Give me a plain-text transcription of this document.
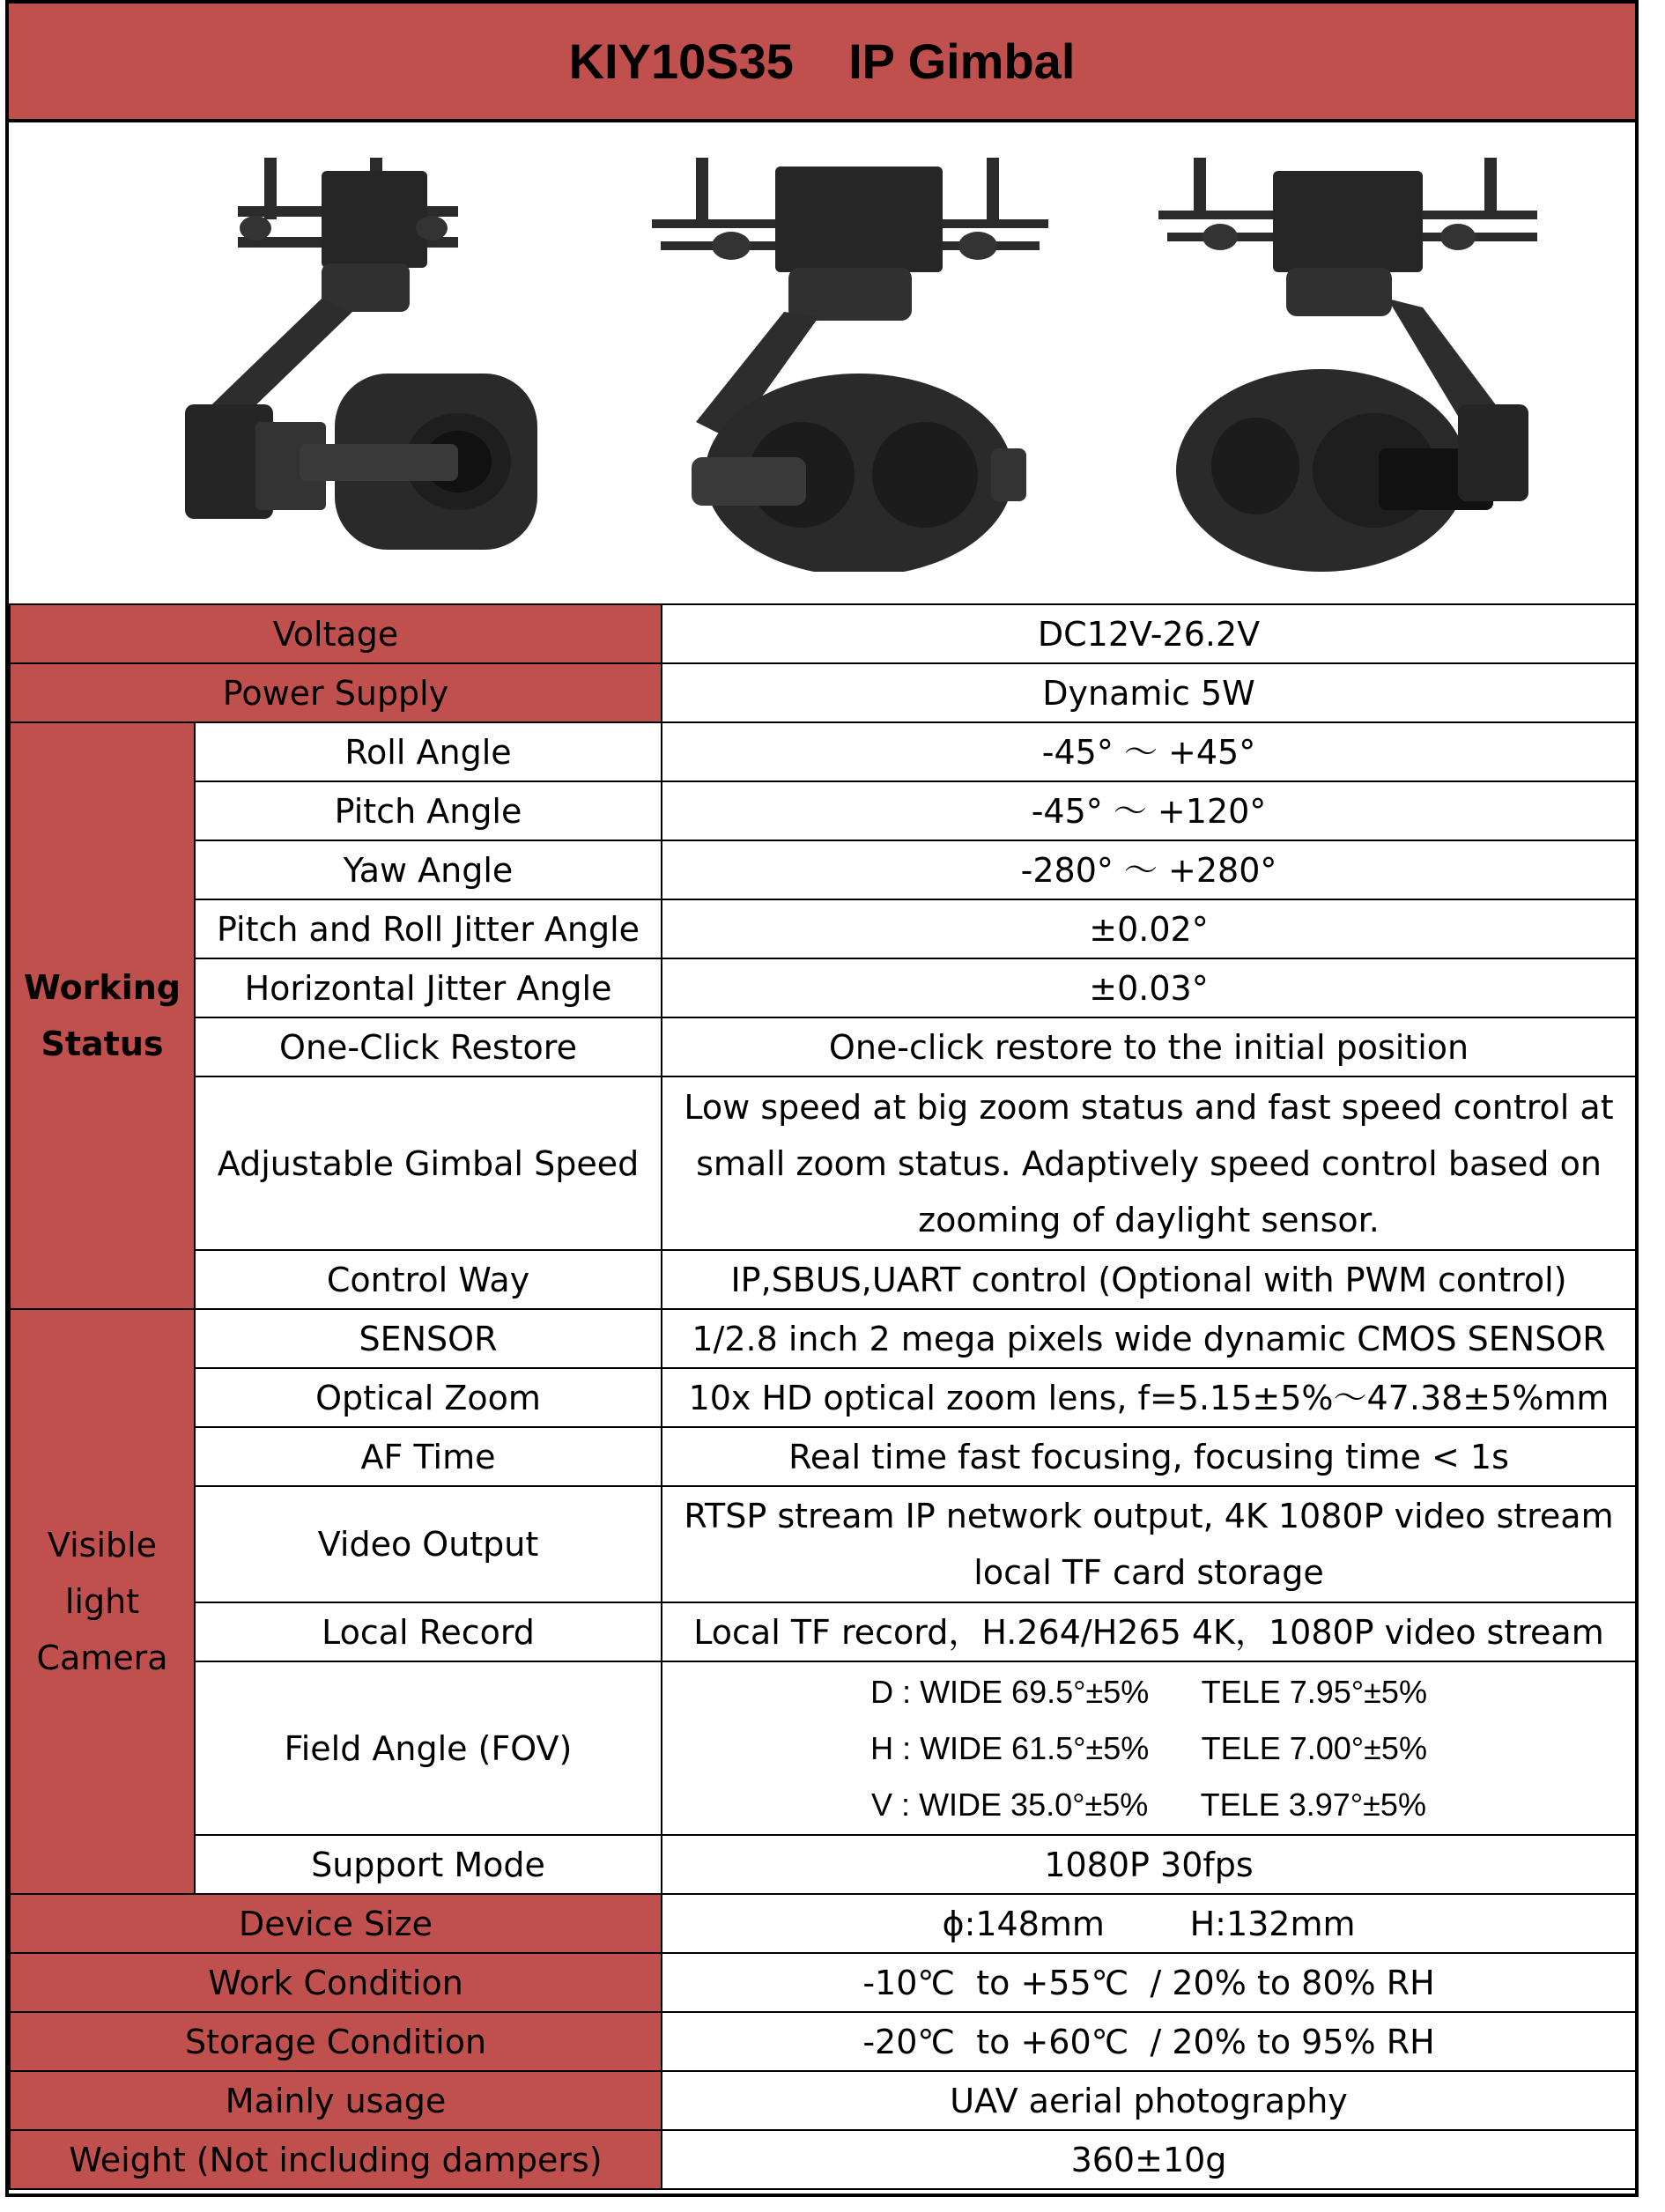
KIY10S35    IP Gimbal
Voltage		DC12V-26.2V
Power Supply		Dynamic 5W

Working
Status	Roll Angle	-45° ～ +45°
	Pitch Angle	-45° ～ +120°
	Yaw Angle	-280° ～ +280°
	Pitch and Roll Jitter Angle	±0.02°
	Horizontal Jitter Angle	±0.03°
	One-Click Restore	One-click restore to the initial position
	Adjustable Gimbal Speed	Low speed at big zoom status and fast speed control at
small zoom status. Adaptively speed control based on
zooming of daylight sensor.

	Control Way	IP,SBUS,UART control (Optional with PWM control)

Visible
light
Camera	SENSOR	1/2.8 inch 2 mega pixels wide dynamic CMOS SENSOR
	Optical Zoom	10x HD optical zoom lens, f=5.15±5%～47.38±5%mm
	AF Time	Real time fast focusing, focusing time < 1s
	Video Output	RTSP stream IP network output, 4K 1080P video stream
local TF card storage

	Local Record	Local TF record，H.264/H265 4K，1080P video stream
	Field Angle (FOV)	D : WIDE 69.5°±5%      TELE 7.95°±5%
H : WIDE 61.5°±5%      TELE 7.00°±5%
V : WIDE 35.0°±5%      TELE 3.97°±5%

	Support Mode	1080P 30fps
Device Size		ϕ:148mm        H:132mm
Work Condition		-10℃  to +55℃  / 20% to 80% RH
Storage Condition		-20℃  to +60℃  / 20% to 95% RH
Mainly usage		UAV aerial photography
Weight (Not including dampers)		360±10g
